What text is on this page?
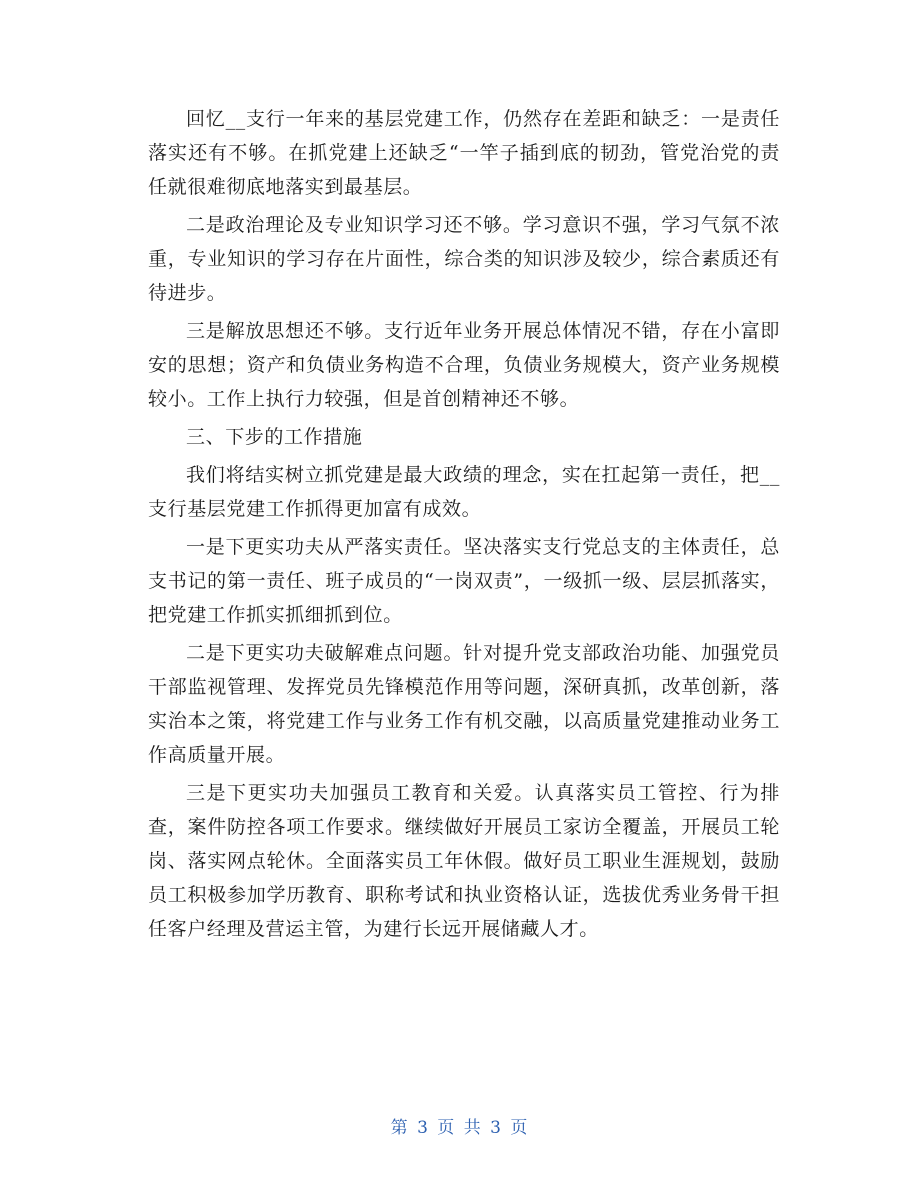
回忆__支行一年来的基层党建工作，仍然存在差距和缺乏：一是责任落实还有不够。在抓党建上还缺乏“一竿子插到底的韧劲，管党治党的责任就很难彻底地落实到最基层。

二是政治理论及专业知识学习还不够。学习意识不强，学习气氛不浓重，专业知识的学习存在片面性，综合类的知识涉及较少，综合素质还有待进步。

三是解放思想还不够。支行近年业务开展总体情况不错，存在小富即安的思想；资产和负债业务构造不合理，负债业务规模大，资产业务规模较小。工作上执行力较强，但是首创精神还不够。

三、下步的工作措施

我们将结实树立抓党建是最大政绩的理念，实在扛起第一责任，把__支行基层党建工作抓得更加富有成效。

一是下更实功夫从严落实责任。坚决落实支行党总支的主体责任，总支书记的第一责任、班子成员的“一岗双责”，一级抓一级、层层抓落实，把党建工作抓实抓细抓到位。

二是下更实功夫破解难点问题。针对提升党支部政治功能、加强党员干部监视管理、发挥党员先锋模范作用等问题，深研真抓，改革创新，落实治本之策，将党建工作与业务工作有机交融，以高质量党建推动业务工作高质量开展。

三是下更实功夫加强员工教育和关爱。认真落实员工管控、行为排查，案件防控各项工作要求。继续做好开展员工家访全覆盖，开展员工轮岗、落实网点轮休。全面落实员工年休假。做好员工职业生涯规划，鼓励员工积极参加学历教育、职称考试和执业资格认证，选拔优秀业务骨干担任客户经理及营运主管，为建行长远开展储藏人才。

第 3 页 共 3 页
